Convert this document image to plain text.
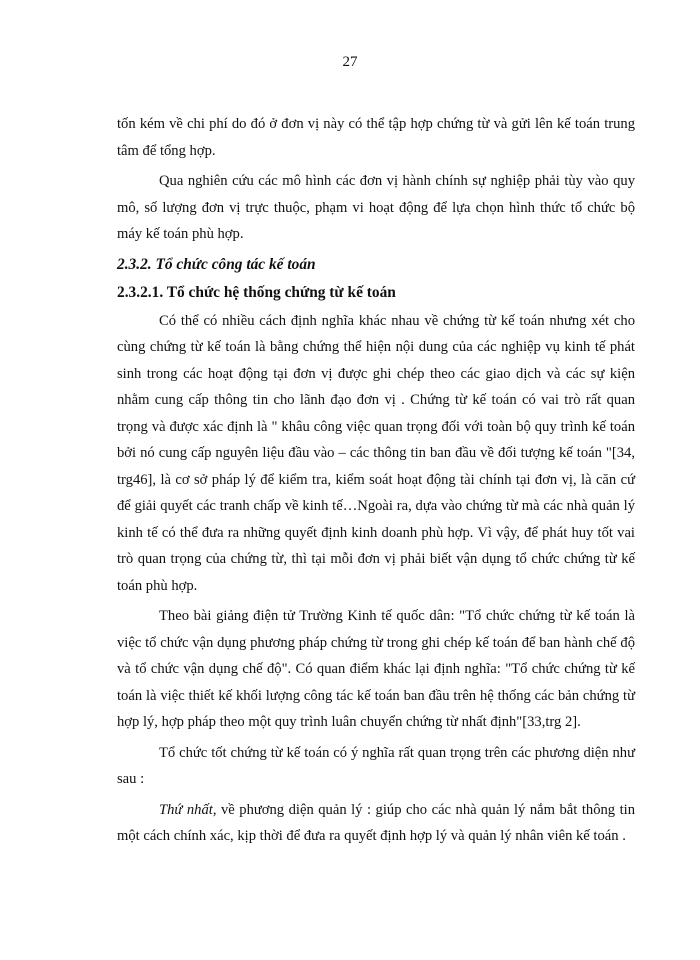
27

tốn kém về chi phí do đó ở đơn vị này có thể tập hợp chứng từ và gửi lên kế toán trung tâm để tổng hợp.

Qua nghiên cứu các mô hình các đơn vị hành chính sự nghiệp phải tùy vào quy mô, số lượng đơn vị trực thuộc, phạm vi hoạt động để lựa chọn hình thức tổ chức bộ máy kế toán phù hợp.

2.3.2. Tổ chức công tác kế toán
2.3.2.1. Tổ chức hệ thống chứng từ kế toán

Có thể có nhiều cách định nghĩa khác nhau về chứng từ kế toán nhưng xét cho cùng chứng từ kế toán là bằng chứng thể hiện nội dung của các nghiệp vụ kinh tế phát sinh trong các hoạt động tại đơn vị được ghi chép theo các giao dịch và các sự kiện nhằm cung cấp thông tin cho lãnh đạo đơn vị . Chứng từ kế toán có vai trò rất quan trọng và được xác định là " khâu công việc quan trọng đối với toàn bộ quy trình kế toán bởi nó cung cấp nguyên liệu đầu vào – các thông tin ban đầu về đối tượng kế toán "[34, trg46], là cơ sở pháp lý để kiểm tra, kiểm soát hoạt động tài chính tại đơn vị, là căn cứ để giải quyết các tranh chấp về kinh tế…Ngoài ra, dựa vào chứng từ mà các nhà quản lý kinh tế có thể đưa ra những quyết định kinh doanh phù hợp. Vì vậy, để phát huy tốt vai trò quan trọng của chứng từ, thì tại mỗi đơn vị phải biết vận dụng tổ chức chứng từ kế toán phù hợp.

Theo bài giảng điện tử Trường Kinh tế quốc dân: "Tổ chức chứng từ kế toán là việc tổ chức vận dụng phương pháp chứng từ trong ghi chép kế toán để ban hành chế độ và tổ chức vận dụng chế độ". Có quan điểm khác lại định nghĩa: "Tổ chức chứng từ kế toán là việc thiết kế khối lượng công tác kế toán ban đầu trên hệ thống các bản chứng từ hợp lý, hợp pháp theo một quy trình luân chuyển chứng từ nhất định"[33,trg 2].

Tổ chức tốt chứng từ kế toán có ý nghĩa rất quan trọng trên các phương diện như sau :

Thứ nhất, về phương diện quản lý : giúp cho các nhà quản lý nắm bắt thông tin một cách chính xác, kịp thời để đưa ra quyết định hợp lý và quản lý nhân viên kế toán .
